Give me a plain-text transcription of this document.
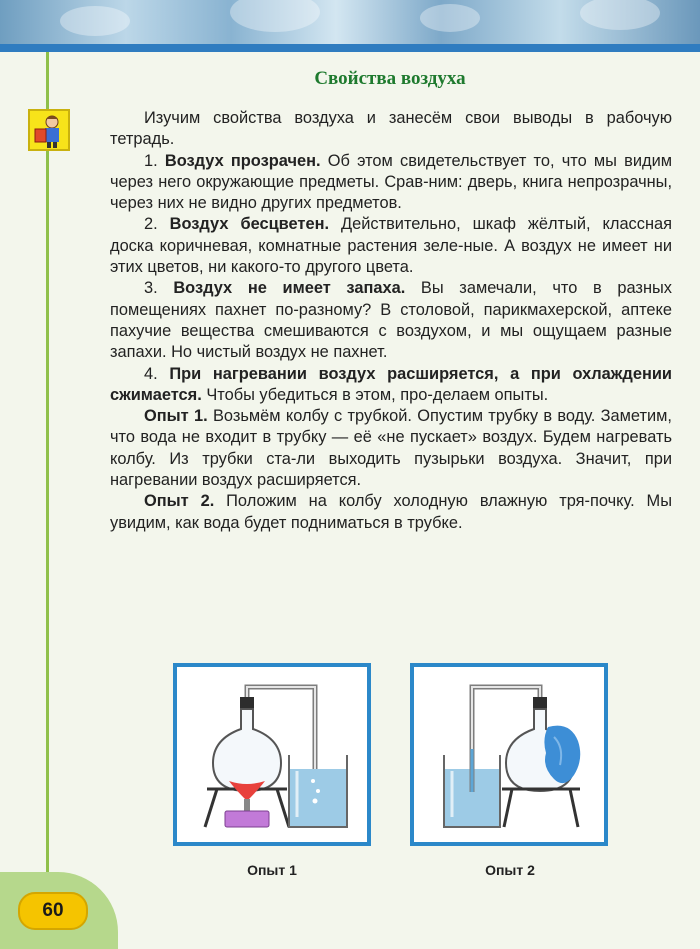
60
Свойства воздуха

Изучим свойства воздуха и занесём свои выводы в рабочую тетрадь.

1. Воздух прозрачен. Об этом свидетельствует то, что мы видим через него окружающие предметы. Срав-ним: дверь, книга непрозрачны, через них не видно других предметов.

2. Воздух бесцветен. Действительно, шкаф жёлтый, классная доска коричневая, комнатные растения зеле-ные. А воздух не имеет ни этих цветов, ни какого-то другого цвета.

3. Воздух не имеет запаха. Вы замечали, что в разных помещениях пахнет по-разному? В столовой, парикмахерской, аптеке пахучие вещества смешиваются с воздухом, и мы ощущаем разные запахи. Но чистый воздух не пахнет.

4. При нагревании воздух расширяется, а при охлаждении сжимается. Чтобы убедиться в этом, про-делаем опыты.

Опыт 1. Возьмём колбу с трубкой. Опустим трубку в воду. Заметим, что вода не входит в трубку — её «не пускает» воздух. Будем нагревать колбу. Из трубки ста-ли выходить пузырьки воздуха. Значит, при нагревании воздух расширяется.

Опыт 2. Положим на колбу холодную влажную тря-почку. Мы увидим, как вода будет подниматься в трубке.

Опыт 1	Опыт 2
